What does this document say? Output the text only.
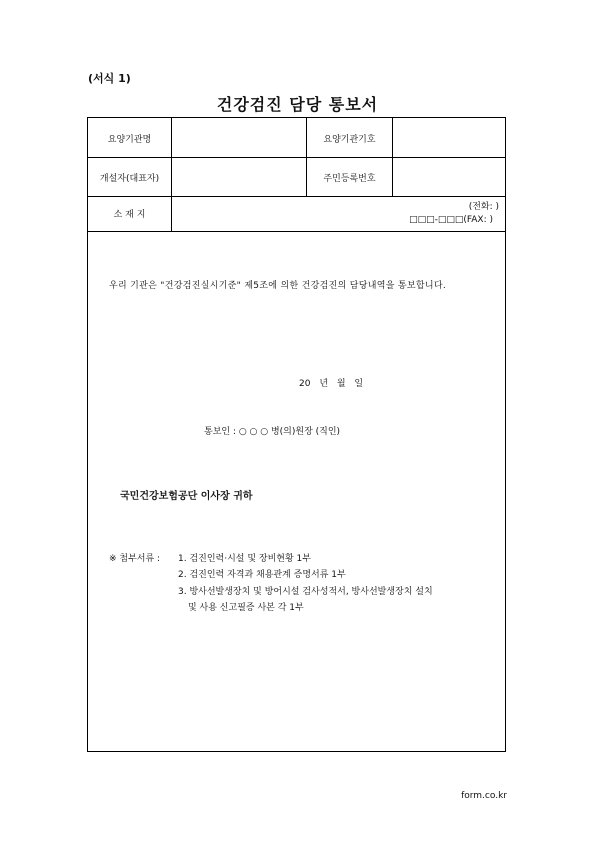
(서식 1)
건강검진 담당 통보서
요양기관명	요양기관기호
개설자(대표자)	주민등록번호
소 재 지
(전화: )
□□□-□□□(FAX: )
우리 기관은 "건강검진실시기준" 제5조에 의한 건강검진의 담당내역을 통보합니다.
20 년 월 일
통보인 : ○ ○ ○ 병(의)원장 (직인)
국민건강보험공단 이사장 귀하
※ 첨부서류 : 1. 검진인력·시설 및 장비현황 1부
2. 검진인력 자격과 채용관계 증명서류 1부
3. 방사선발생장치 및 방어시설 검사성적서, 방사선발생장치 설치
및 사용 신고필증 사본 각 1부
form.co.kr
